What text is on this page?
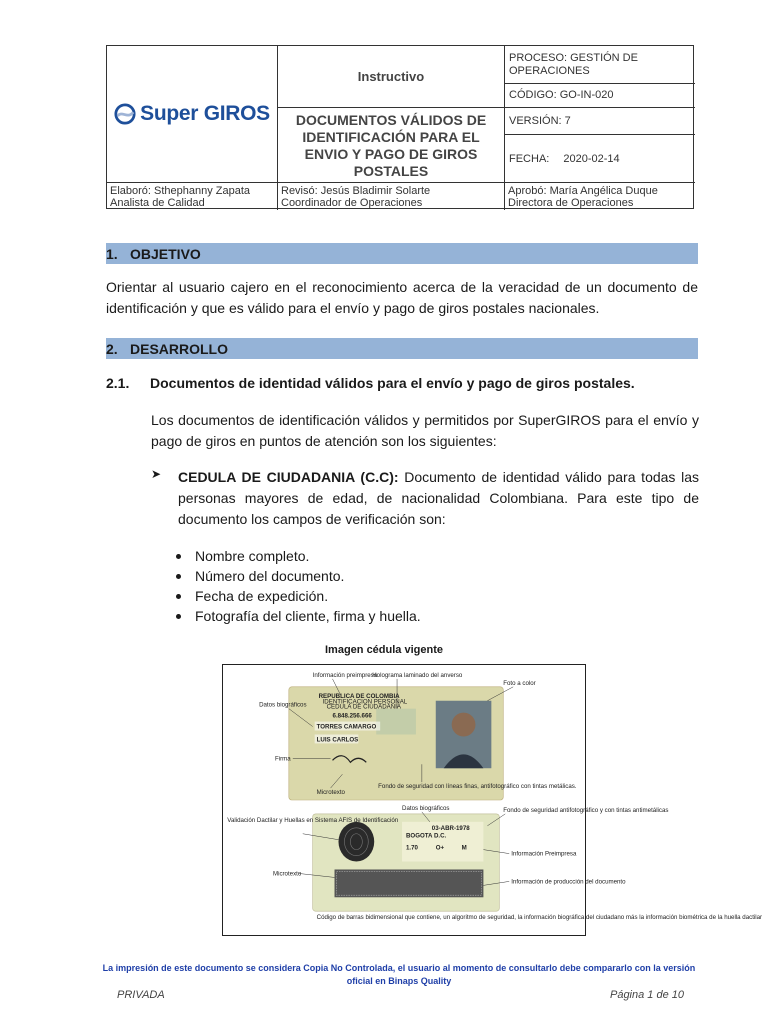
Super GIROS
Instructivo
DOCUMENTOS VÁLIDOS DE IDENTIFICACIÓN PARA EL ENVIO Y PAGO DE GIROS POSTALES
PROCESO: GESTIÓN DE OPERACIONES
CÓDIGO: GO-IN-020
VERSIÓN: 7
FECHA: 2020-02-14
Elaboró: Sthephanny Zapata
Analista de Calidad
Revisó: Jesús Bladimir Solarte
Coordinador de Operaciones
Aprobó: María Angélica Duque
Directora de Operaciones
1. OBJETIVO
Orientar al usuario cajero en el reconocimiento acerca de la veracidad de un documento de identificación y que es válido para el envío y pago de giros postales nacionales.
2. DESARROLLO
2.1.	Documentos de identidad válidos para el envío y pago de giros postales.
Los documentos de identificación válidos y permitidos por SuperGIROS para el envío y pago de giros en puntos de atención son los siguientes:
➤ CEDULA DE CIUDADANIA (C.C): Documento de identidad válido para todas las personas mayores de edad, de nacionalidad Colombiana. Para este tipo de documento los campos de verificación son:
Nombre completo.
Número del documento.
Fecha de expedición.
Fotografía del cliente, firma y huella.
Imagen cédula vigente
REPUBLICA DE COLOMBIA
IDENTIFICACION PERSONAL
CEDULA DE CIUDADANIA
6.848.256.666
TORRES CAMARGO
LUIS CARLOS
Información preimpresa
Holograma laminado del anverso
Foto a color
Datos biográficos
Firma
Microtexto
Fondo de seguridad con líneas finas, antifotográfico con tintas metálicas.
03-ABR-1978
BOGOTA D.C.
1.70	O+	M
Datos biográficos	Fondo de seguridad antifotográfico y con tintas antimetálicas
Validación Dactilar y Huellas en Sistema AFIS de Identificación
Información Preimpresa
Microtexto
Información de producción del documento
Código de barras bidimensional que contiene, un algoritmo de seguridad, la información biográfica del ciudadano más la información biométrica de la huella dactilar
La impresión de este documento se considera Copia No Controlada, el usuario al momento de consultarlo debe compararlo con la versión oficial en Binaps Quality
PRIVADA	Página 1 de 10
